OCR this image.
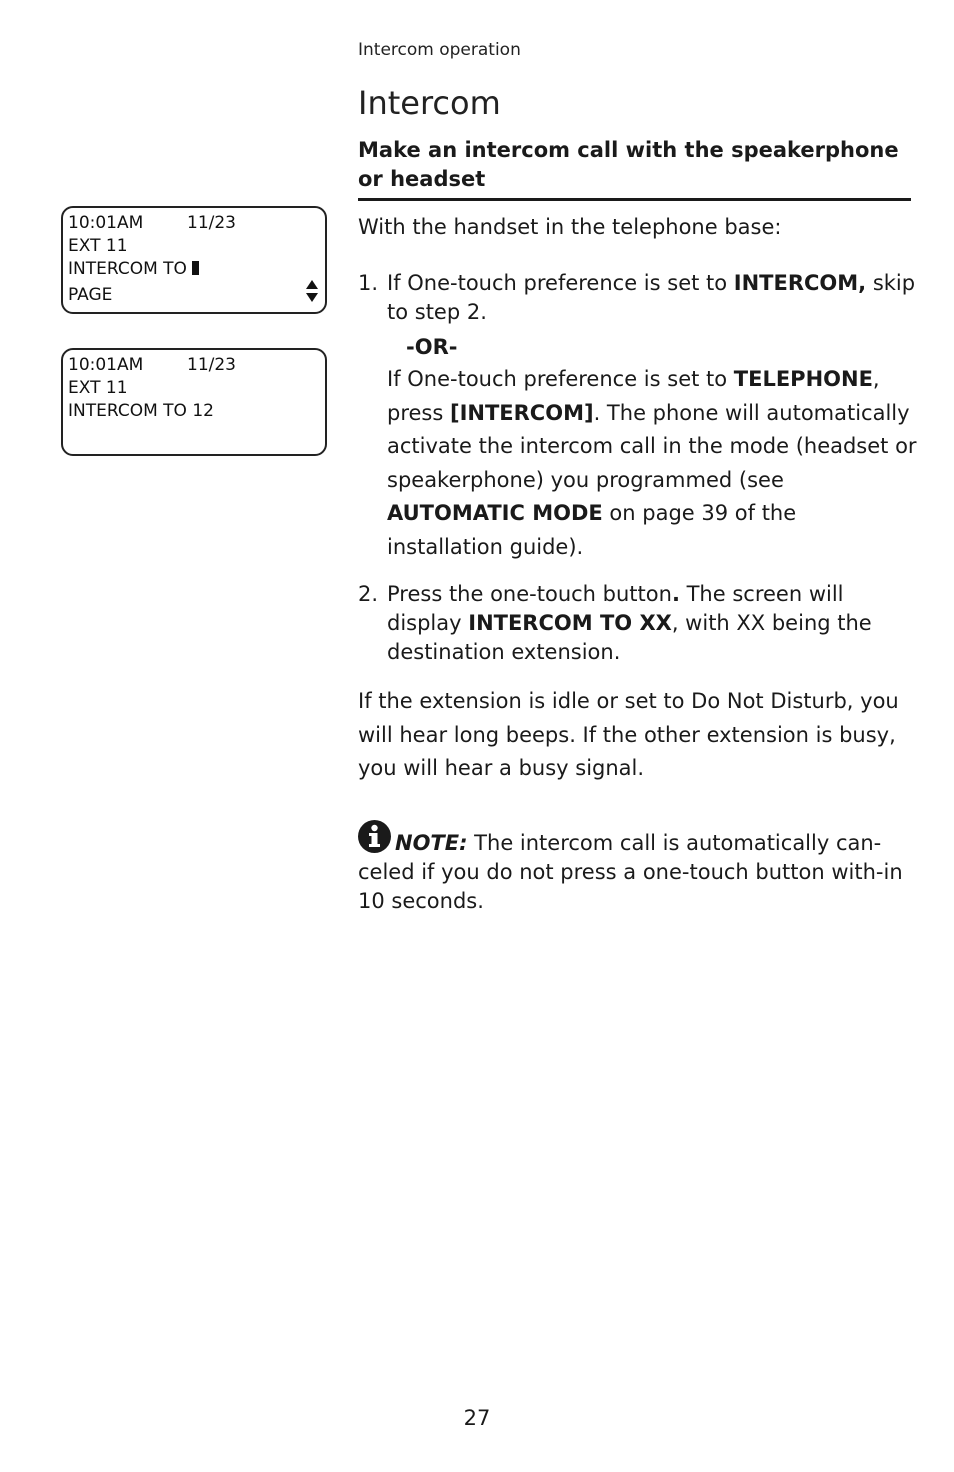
Intercom operation
Intercom
Make an intercom call with the speakerphone or headset
With the handset in the telephone base:
1. If One-touch preference is set to INTERCOM, skip to step 2.
-OR-
If One-touch preference is set to TELEPHONE, press [INTERCOM]. The phone will automatically activate the intercom call in the mode (headset or speakerphone) you programmed (see AUTOMATIC MODE on page 39 of the installation guide).
2. Press the one-touch button. The screen will display INTERCOM TO XX, with XX being the destination extension.
If the extension is idle or set to Do Not Disturb, you will hear long beeps. If the other extension is busy, you will hear a busy signal.
NOTE: The intercom call is automatically can-celed if you do not press a one-touch button with-in 10 seconds.
10:01AM	11/23
EXT 11
INTERCOM TO
PAGE
10:01AM	11/23
EXT 11
INTERCOM TO 12
27
